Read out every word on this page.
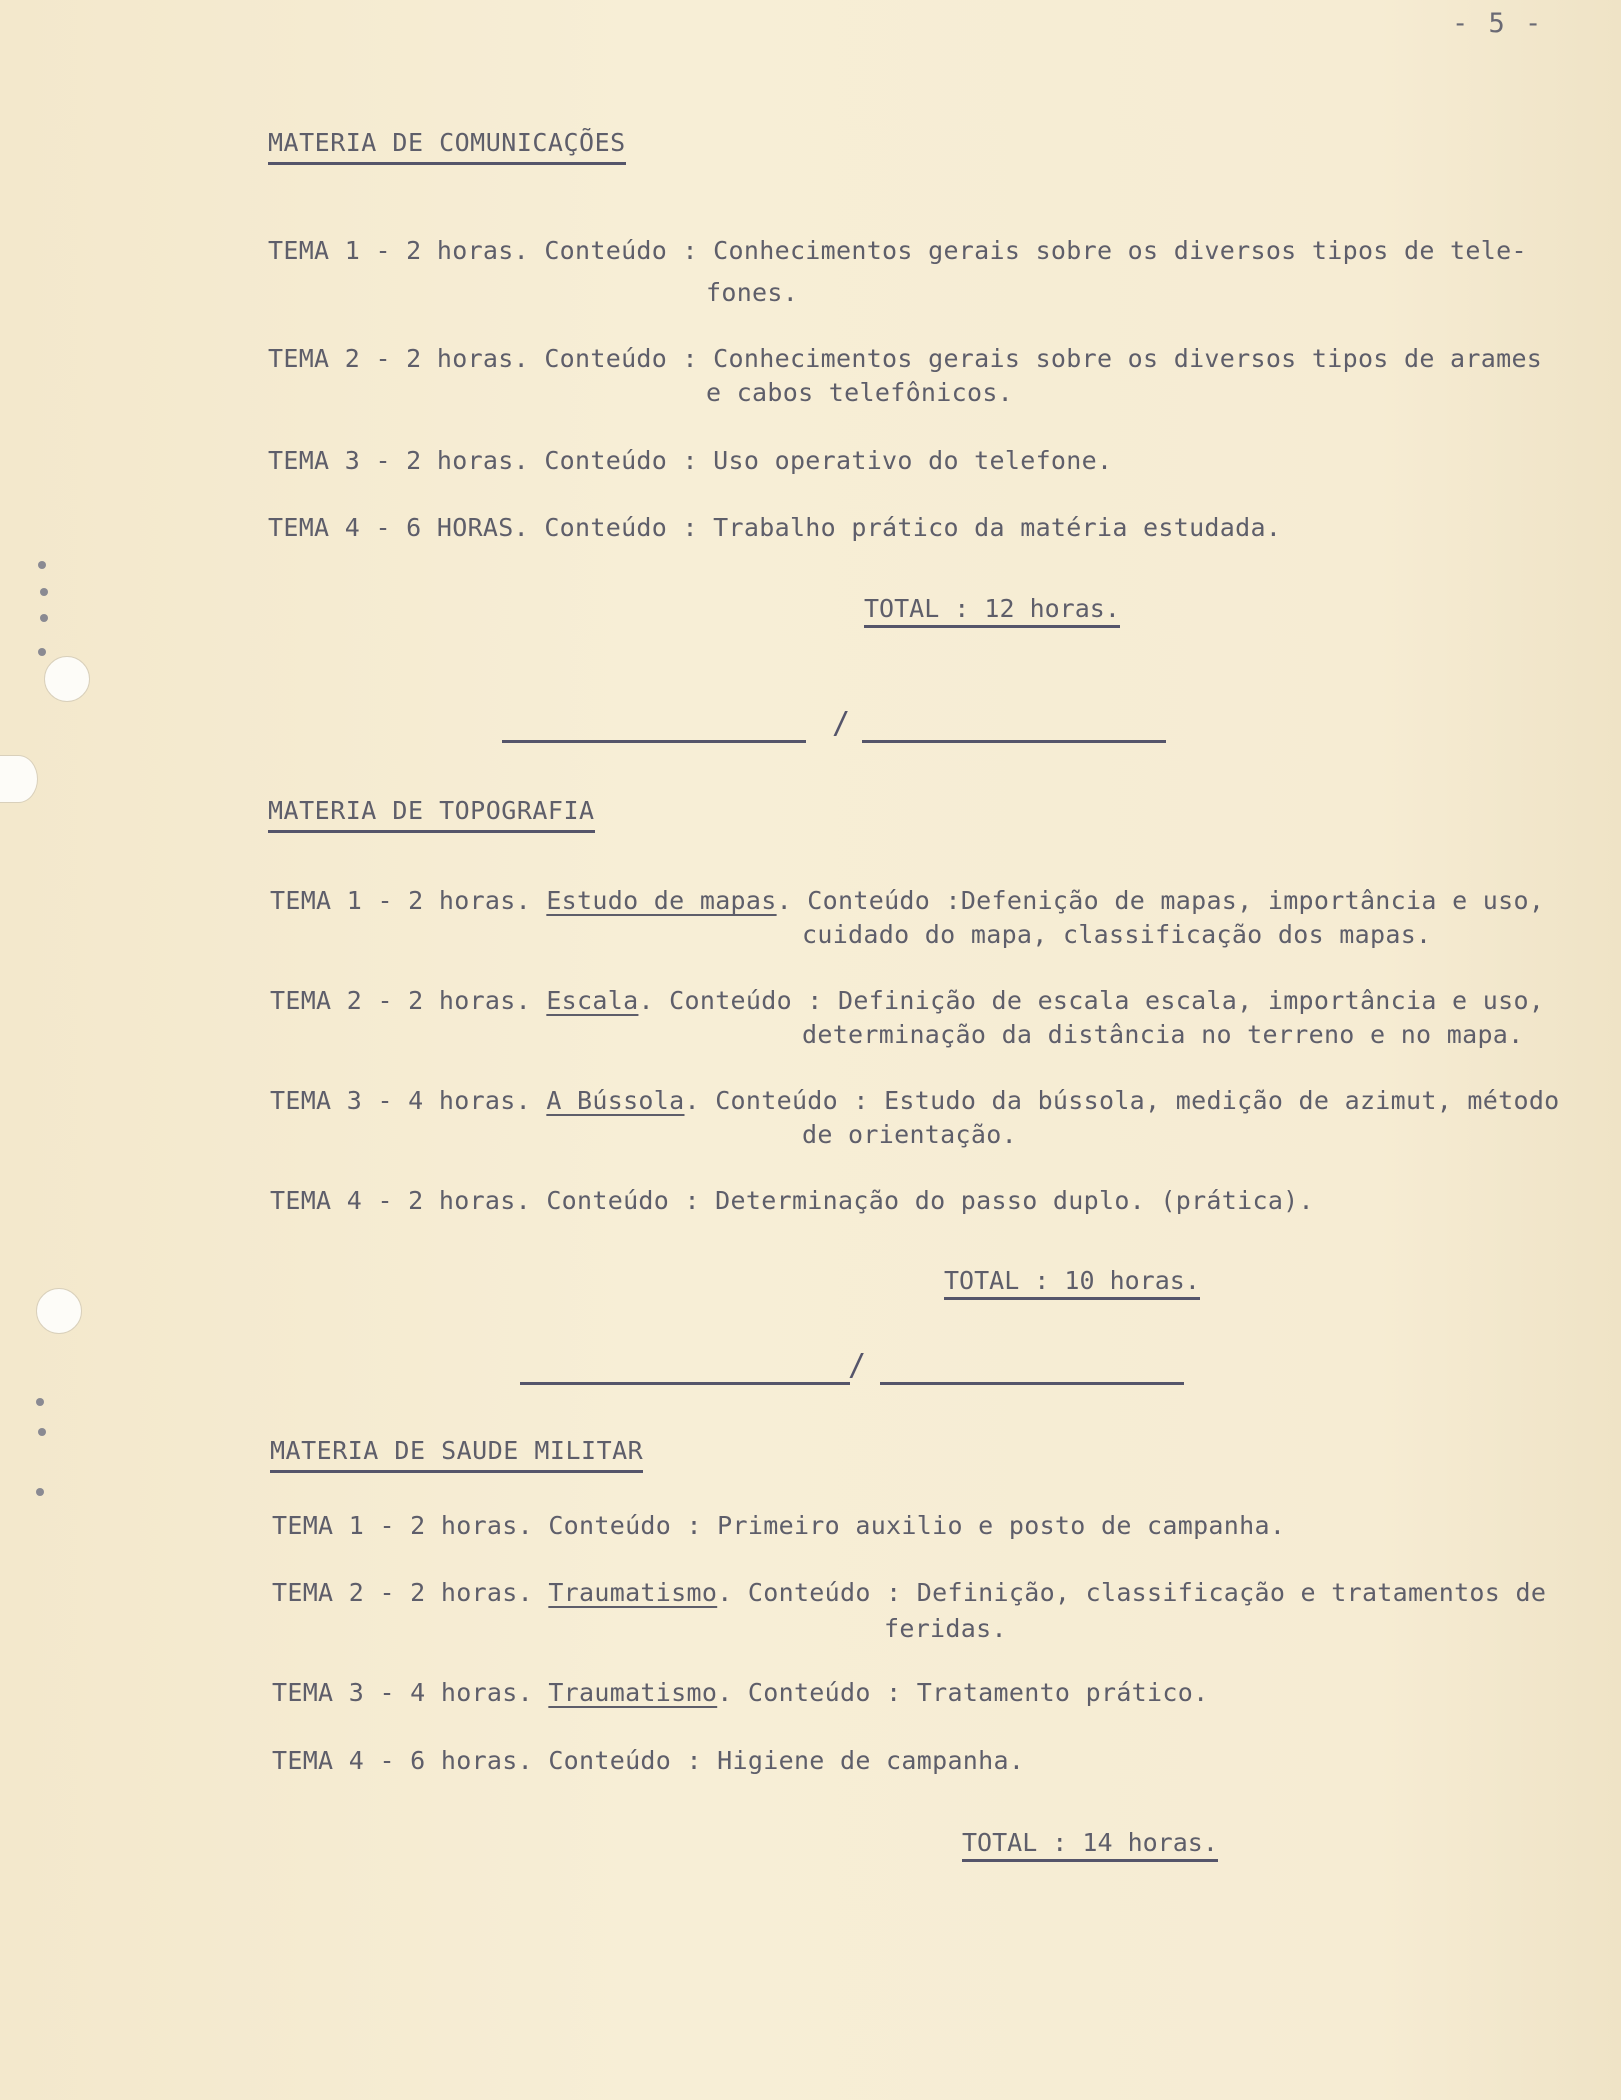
- 5 -
MATERIA DE COMUNICAÇÕES
TEMA 1 - 2 horas. Conteúdo : Conhecimentos gerais sobre os diversos tipos de tele-
fones.
TEMA 2 - 2 horas. Conteúdo : Conhecimentos gerais sobre os diversos tipos de arames
e cabos telefônicos.
TEMA 3 - 2 horas. Conteúdo : Uso operativo do telefone.
TEMA 4 - 6 HORAS. Conteúdo : Trabalho prático da matéria estudada.
TOTAL : 12 horas.
/
MATERIA DE TOPOGRAFIA
TEMA 1 - 2 horas. Estudo de mapas. Conteúdo :Defenição de mapas, importância e uso,
cuidado do mapa, classificação dos mapas.
TEMA 2 - 2 horas. Escala. Conteúdo : Definição de escala escala, importância e uso,
determinação da distância no terreno e no mapa.
TEMA 3 - 4 horas. A Bússola. Conteúdo : Estudo da bússola, medição de azimut, método
de orientação.
TEMA 4 - 2 horas. Conteúdo : Determinação do passo duplo. (prática).
TOTAL : 10 horas.
/
MATERIA DE SAUDE MILITAR
TEMA 1 - 2 horas. Conteúdo : Primeiro auxilio e posto de campanha.
TEMA 2 - 2 horas. Traumatismo. Conteúdo : Definição, classificação e tratamentos de
feridas.
TEMA 3 - 4 horas. Traumatismo. Conteúdo : Tratamento prático.
TEMA 4 - 6 horas. Conteúdo : Higiene de campanha.
TOTAL : 14 horas.
